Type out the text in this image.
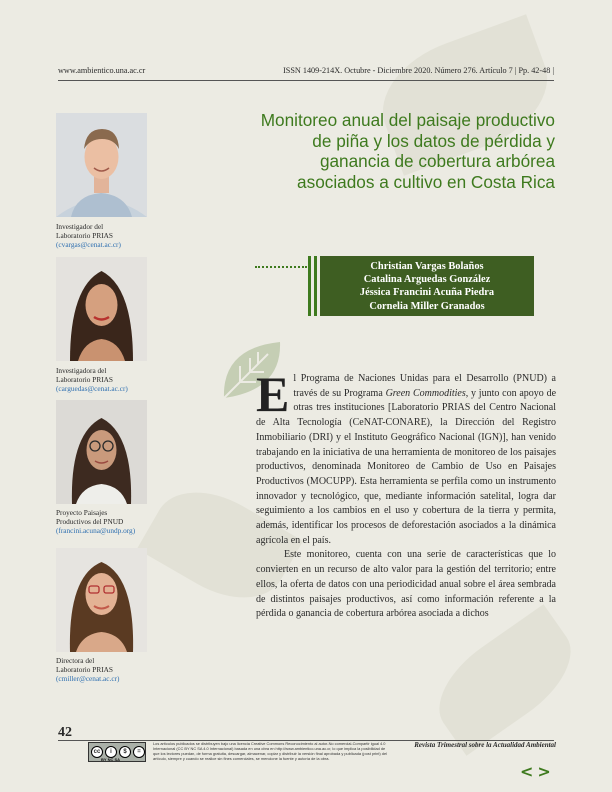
www.ambientico.una.ac.cr	ISSN 1409-214X. Octubre - Diciembre 2020. Número 276. Artículo 7 | Pp. 42-48 |
Monitoreo anual del paisaje productivo de piña y los datos de pérdida y ganancia de cobertura arbórea asociados a cultivo en Costa Rica
Investigador del
Laboratorio PRIAS
(cvargas@cenat.ac.cr)
Investigadora del
Laboratorio PRIAS
(carguedas@cenat.ac.cr)
Proyecto Paisajes
Productivos del PNUD
(francini.acuna@undp.org)
Directora del
Laboratorio PRIAS
(cmiller@cenat.ac.cr)
Christian Vargas Bolaños
Catalina Arguedas González
Jéssica Francini Acuña Piedra
Cornelia Miller Granados

El Programa de Naciones Unidas para el Desarrollo (PNUD) a través de su Programa Green Commodities, y junto con apoyo de otras tres instituciones [Laboratorio PRIAS del Centro Nacional de Alta Tecnología (CeNAT-CONARE), la Dirección del Registro Inmobiliario (DRI) y el Instituto Geográfico Nacional (IGN)], han venido trabajando en la iniciativa de una herramienta de monitoreo de los paisajes productivos, denominada Monitoreo de Cambio de Uso en Paisajes Productivos (MOCUPP). Esta herramienta se perfila como un instrumento innovador y tecnológico, que, mediante información satelital, logra dar seguimiento a los cambios en el uso y cobertura de la tierra y permita, además, identificar los procesos de deforestación asociados a la dinámica agrícola en el país.

Este monitoreo, cuenta con una serie de características que lo convierten en un recurso de alto valor para la gestión del territorio; entre ellos, la oferta de datos con una periodicidad anual sobre el área sembrada de distintos paisajes productivos, así como información referente a la pérdida o ganancia de cobertura arbórea asociada a dichos

42
cc	i	$	=
BY NC SA
Los artículos publicados se distribuyen bajo una licencia Creative Commons Reconocimiento al autor-No comercial-Compartir igual 4.0 Internacional (CC BY NC SA 4.0 Internacional) basada en una obra en http://www.ambientico.una.ac.cr, lo que implica la posibilidad de que los lectores puedan, de forma gratuita, descargar, almacenar, copiar y distribuir la versión final aprobada y publicada (post print) del artículo, siempre y cuando se realice sin fines comerciales, se mencione la fuente y autoría de la obra.
Revista Trimestral sobre la Actualidad Ambiental
<>
